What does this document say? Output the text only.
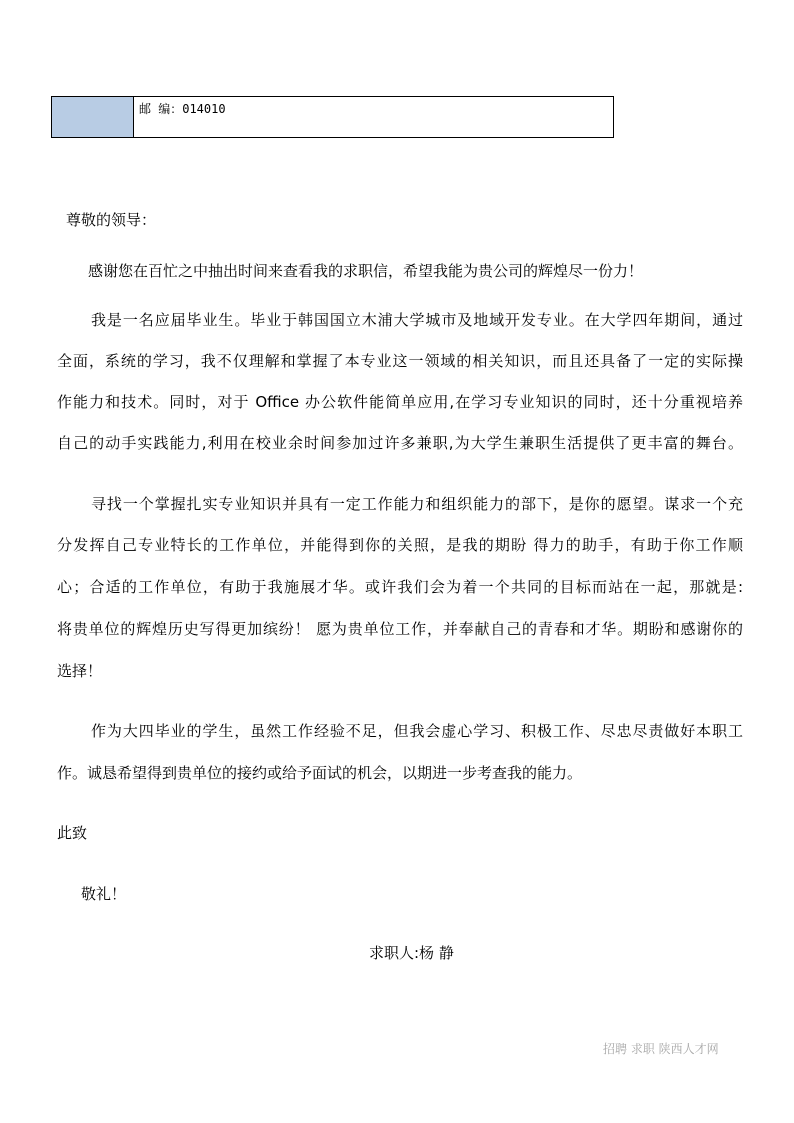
邮 编：014010
尊敬的领导：
感谢您在百忙之中抽出时间来查看我的求职信，希望我能为贵公司的辉煌尽一份力！
我是一名应届毕业生。毕业于韩国国立木浦大学城市及地域开发专业。在大学四年期间，通过
全面，系统的学习，我不仅理解和掌握了本专业这一领域的相关知识，而且还具备了一定的实际操
作能力和技术。同时，对于 Office 办公软件能简单应用,在学习专业知识的同时，还十分重视培养
自己的动手实践能力,利用在校业余时间参加过许多兼职,为大学生兼职生活提供了更丰富的舞台。
寻找一个掌握扎实专业知识并具有一定工作能力和组织能力的部下，是你的愿望。谋求一个充
分发挥自己专业特长的工作单位，并能得到你的关照，是我的期盼 得力的助手，有助于你工作顺
心；合适的工作单位，有助于我施展才华。或许我们会为着一个共同的目标而站在一起，那就是:
将贵单位的辉煌历史写得更加缤纷！ 愿为贵单位工作，并奉献自己的青春和才华。期盼和感谢你的
选择！
作为大四毕业的学生，虽然工作经验不足，但我会虚心学习、积极工作、尽忠尽责做好本职工
作。诚恳希望得到贵单位的接约或给予面试的机会，以期进一步考查我的能力。
此致
敬礼！
求职人:杨 静
招聘 求职 陕西人才网
